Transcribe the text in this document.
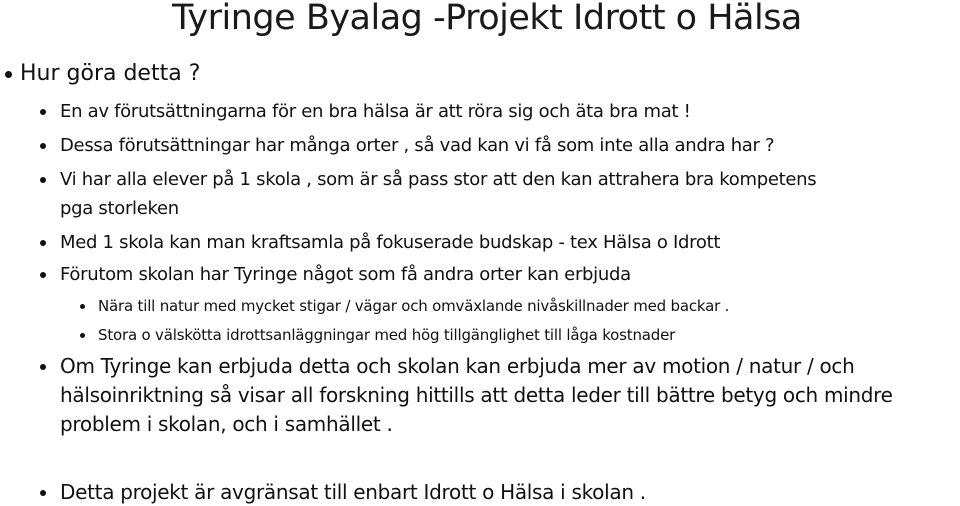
Tyringe Byalag -Projekt Idrott o Hälsa
Hur göra detta ?
En av förutsättningarna för en bra hälsa är att röra sig och äta bra mat !
Dessa förutsättningar har många orter , så vad kan vi få som inte alla andra har ?
Vi har alla elever på 1 skola , som är så pass stor att den kan attrahera bra kompetens
pga storleken
Med 1 skola kan man kraftsamla på fokuserade budskap - tex Hälsa o Idrott
Förutom skolan har Tyringe något som få andra orter kan erbjuda
Nära till natur med mycket stigar / vägar och omväxlande nivåskillnader med backar .
Stora o välskötta idrottsanläggningar med hög tillgänglighet till låga kostnader
Om Tyringe kan erbjuda detta och skolan kan erbjuda mer av motion / natur / och
hälsoinriktning så visar all forskning hittills att detta leder till bättre betyg och mindre
problem i skolan, och i samhället .
Detta projekt är avgränsat till enbart Idrott o Hälsa i skolan .
